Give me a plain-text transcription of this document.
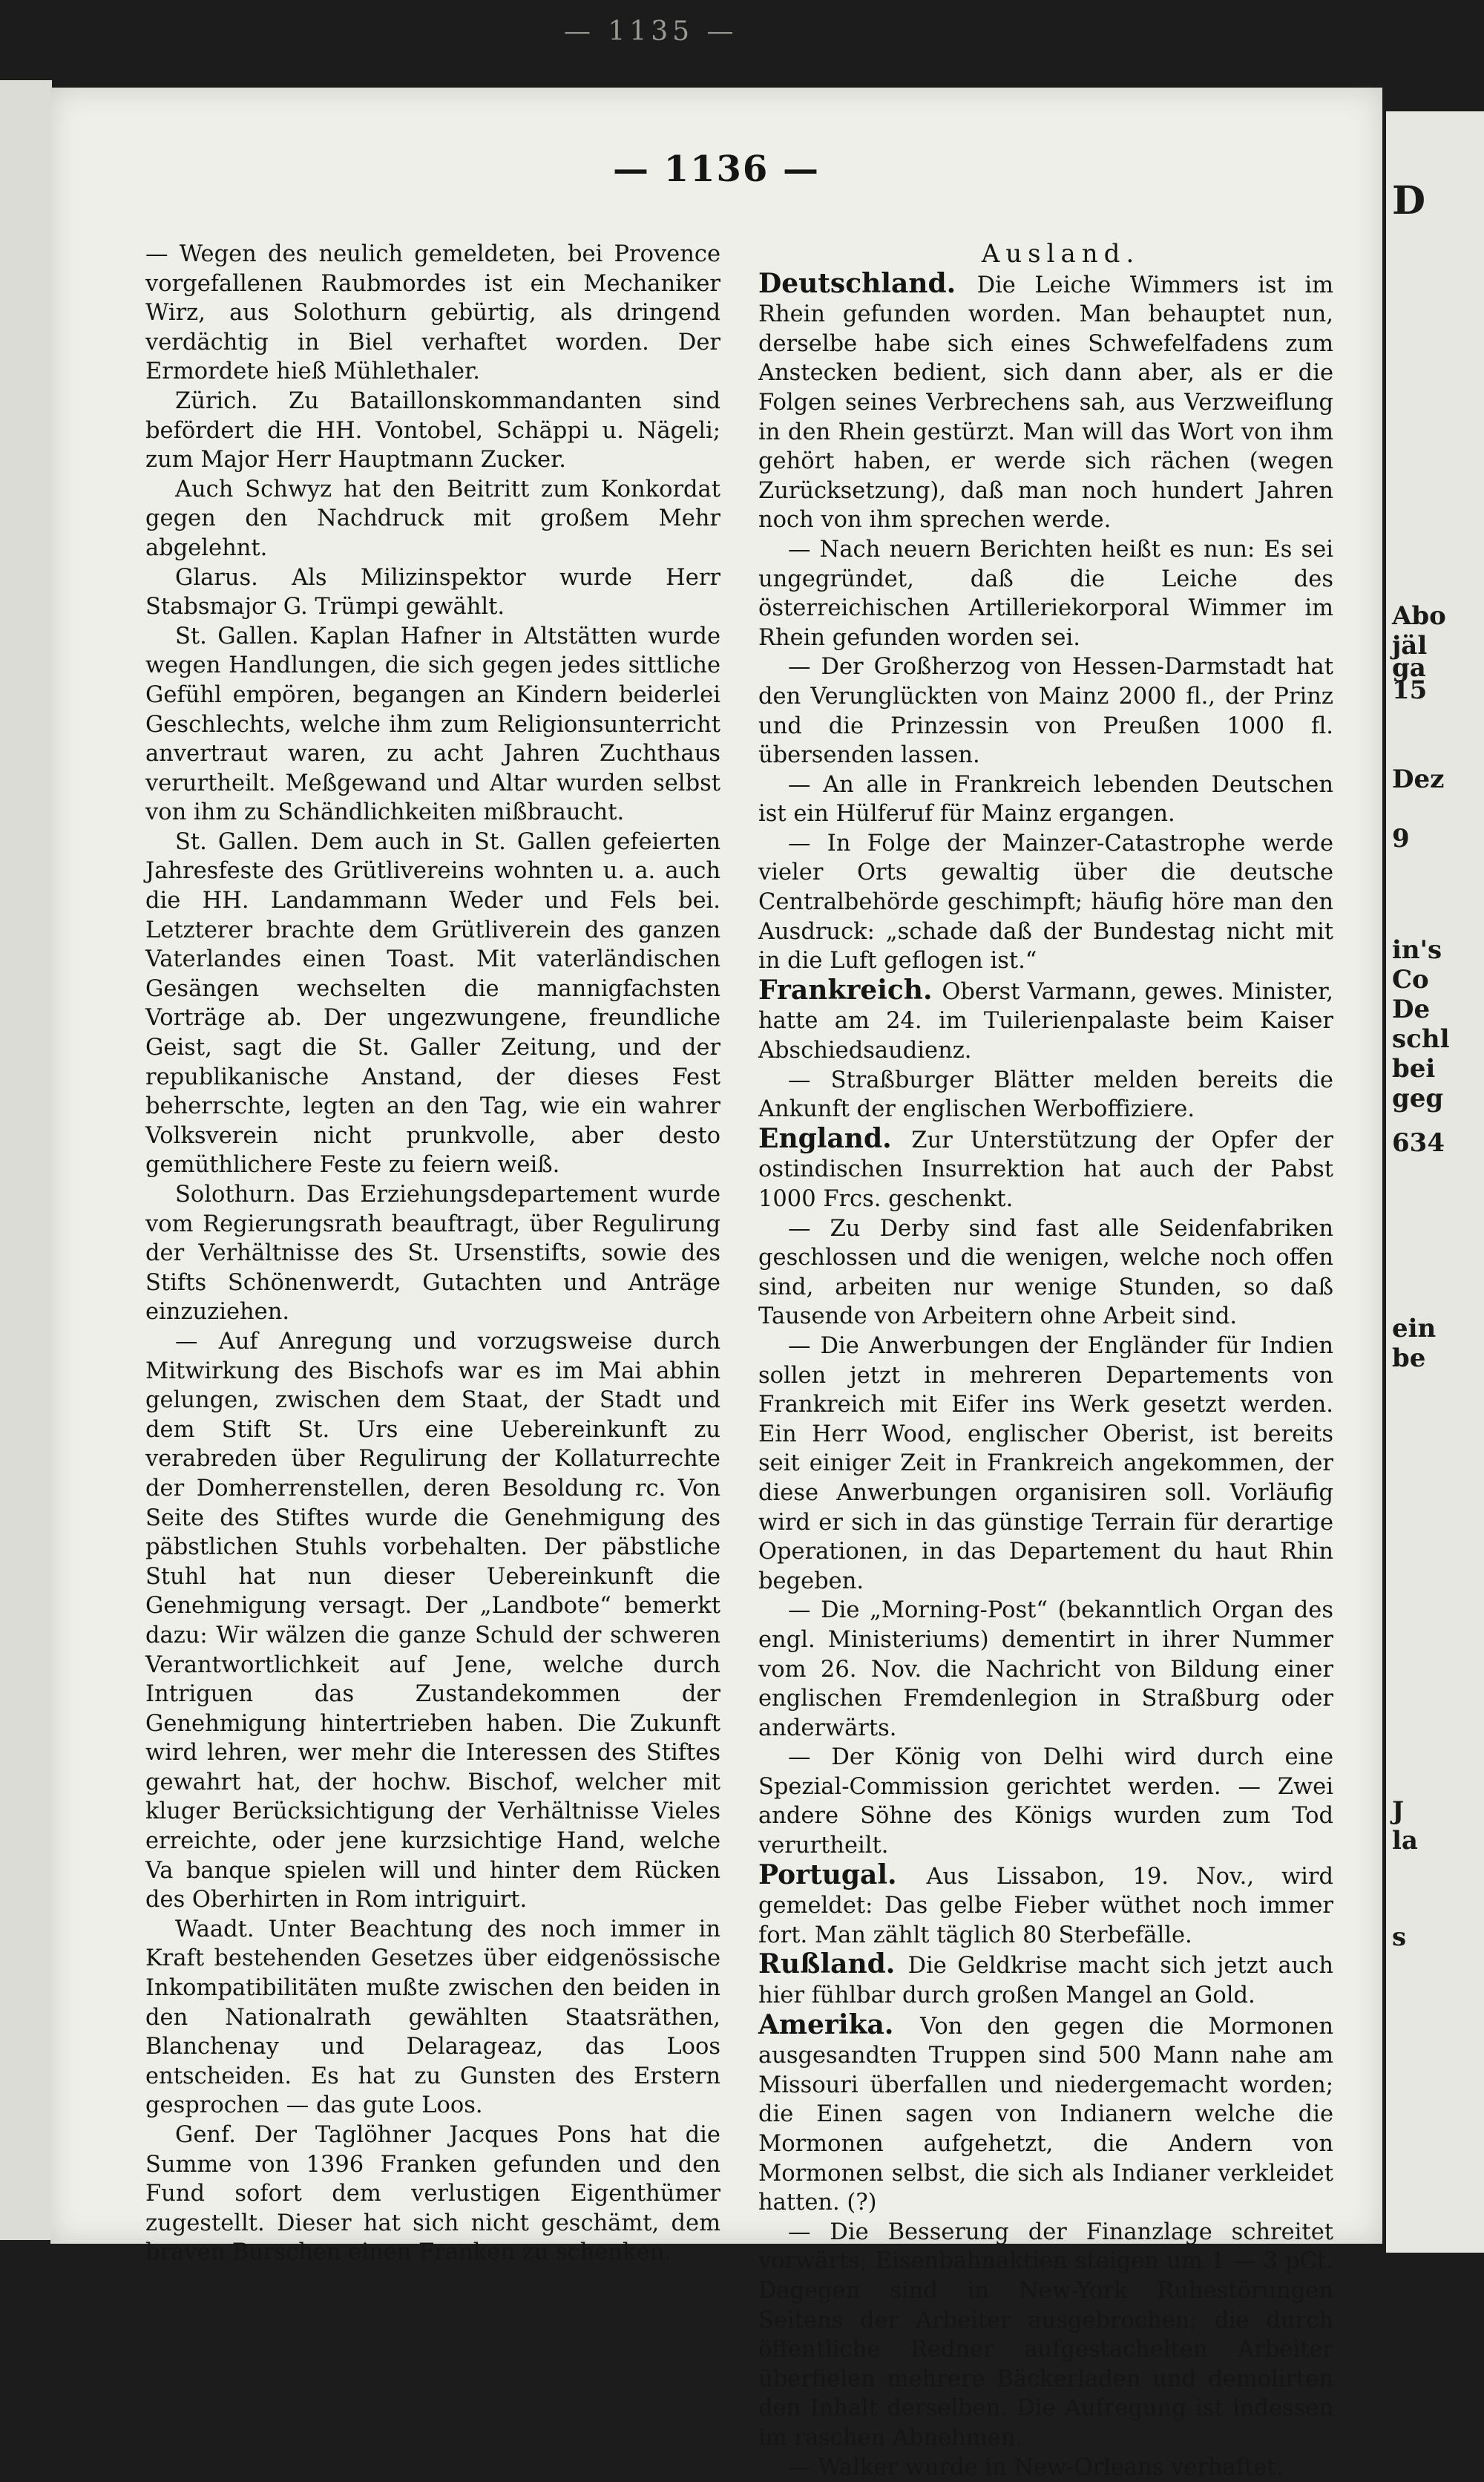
— 1135 —
— 1136 —

— Wegen des neulich gemeldeten, bei Provence vorgefallenen Raubmordes ist ein Mechaniker Wirz, aus Solothurn gebürtig, als dringend verdächtig in Biel verhaftet worden. Der Ermordete hieß Mühlethaler.

Zürich. Zu Bataillonskommandanten sind befördert die HH. Vontobel, Schäppi u. Nägeli; zum Major Herr Hauptmann Zucker.

Auch Schwyz hat den Beitritt zum Konkordat gegen den Nachdruck mit großem Mehr abgelehnt.

Glarus. Als Milizinspektor wurde Herr Stabsmajor G. Trümpi gewählt.

St. Gallen. Kaplan Hafner in Altstätten wurde wegen Handlungen, die sich gegen jedes sittliche Gefühl empören, begangen an Kindern beiderlei Geschlechts, welche ihm zum Religionsunterricht anvertraut waren, zu acht Jahren Zuchthaus verurtheilt. Meßgewand und Altar wurden selbst von ihm zu Schändlichkeiten mißbraucht.

St. Gallen. Dem auch in St. Gallen gefeierten Jahresfeste des Grütlivereins wohnten u. a. auch die HH. Landammann Weder und Fels bei. Letzterer brachte dem Grütliverein des ganzen Vaterlandes einen Toast. Mit vaterländischen Gesängen wechselten die mannigfachsten Vorträge ab. Der ungezwungene, freundliche Geist, sagt die St. Galler Zeitung, und der republikanische Anstand, der dieses Fest beherrschte, legten an den Tag, wie ein wahrer Volksverein nicht prunkvolle, aber desto gemüthlichere Feste zu feiern weiß.

Solothurn. Das Erziehungsdepartement wurde vom Regierungsrath beauftragt, über Regulirung der Verhältnisse des St. Ursenstifts, sowie des Stifts Schönenwerdt, Gutachten und Anträge einzuziehen.

— Auf Anregung und vorzugsweise durch Mitwirkung des Bischofs war es im Mai abhin gelungen, zwischen dem Staat, der Stadt und dem Stift St. Urs eine Uebereinkunft zu verabreden über Regulirung der Kollaturrechte der Domherrenstellen, deren Besoldung rc. Von Seite des Stiftes wurde die Genehmigung des päbstlichen Stuhls vorbehalten. Der päbstliche Stuhl hat nun dieser Uebereinkunft die Genehmigung versagt. Der „Landbote“ bemerkt dazu: Wir wälzen die ganze Schuld der schweren Verantwortlichkeit auf Jene, welche durch Intriguen das Zustandekommen der Genehmigung hintertrieben haben. Die Zukunft wird lehren, wer mehr die Interessen des Stiftes gewahrt hat, der hochw. Bischof, welcher mit kluger Berücksichtigung der Verhältnisse Vieles erreichte, oder jene kurzsichtige Hand, welche Va banque spielen will und hinter dem Rücken des Oberhirten in Rom intriguirt.

Waadt. Unter Beachtung des noch immer in Kraft bestehenden Gesetzes über eidgenössische Inkompatibilitäten mußte zwischen den beiden in den Nationalrath gewählten Staatsräthen, Blanchenay und Delarageaz, das Loos entscheiden. Es hat zu Gunsten des Erstern gesprochen — das gute Loos.

Genf. Der Taglöhner Jacques Pons hat die Summe von 1396 Franken gefunden und den Fund sofort dem verlustigen Eigenthümer zugestellt. Dieser hat sich nicht geschämt, dem braven Burschen einen Franken zu schenken.

Ausland.

Deutschland. Die Leiche Wimmers ist im Rhein gefunden worden. Man behauptet nun, derselbe habe sich eines Schwefelfadens zum Anstecken bedient, sich dann aber, als er die Folgen seines Verbrechens sah, aus Verzweiflung in den Rhein gestürzt. Man will das Wort von ihm gehört haben, er werde sich rächen (wegen Zurücksetzung), daß man noch hundert Jahren noch von ihm sprechen werde.

— Nach neuern Berichten heißt es nun: Es sei ungegründet, daß die Leiche des österreichischen Artilleriekorporal Wimmer im Rhein gefunden worden sei.

— Der Großherzog von Hessen-Darmstadt hat den Verunglückten von Mainz 2000 fl., der Prinz und die Prinzessin von Preußen 1000 fl. übersenden lassen.

— An alle in Frankreich lebenden Deutschen ist ein Hülferuf für Mainz ergangen.

— In Folge der Mainzer-Catastrophe werde vieler Orts gewaltig über die deutsche Centralbehörde geschimpft; häufig höre man den Ausdruck: „schade daß der Bundestag nicht mit in die Luft geflogen ist.“

Frankreich. Oberst Varmann, gewes. Minister, hatte am 24. im Tuilerienpalaste beim Kaiser Abschiedsaudienz.

— Straßburger Blätter melden bereits die Ankunft der englischen Werboffiziere.

England. Zur Unterstützung der Opfer der ostindischen Insurrektion hat auch der Pabst 1000 Frcs. geschenkt.

— Zu Derby sind fast alle Seidenfabriken geschlossen und die wenigen, welche noch offen sind, arbeiten nur wenige Stunden, so daß Tausende von Arbeitern ohne Arbeit sind.

— Die Anwerbungen der Engländer für Indien sollen jetzt in mehreren Departements von Frankreich mit Eifer ins Werk gesetzt werden. Ein Herr Wood, englischer Oberist, ist bereits seit einiger Zeit in Frankreich angekommen, der diese Anwerbungen organisiren soll. Vorläufig wird er sich in das günstige Terrain für derartige Operationen, in das Departement du haut Rhin begeben.

— Die „Morning-Post“ (bekanntlich Organ des engl. Ministeriums) dementirt in ihrer Nummer vom 26. Nov. die Nachricht von Bildung einer englischen Fremdenlegion in Straßburg oder anderwärts.

— Der König von Delhi wird durch eine Spezial-Commission gerichtet werden. — Zwei andere Söhne des Königs wurden zum Tod verurtheilt.

Portugal. Aus Lissabon, 19. Nov., wird gemeldet: Das gelbe Fieber wüthet noch immer fort. Man zählt täglich 80 Sterbefälle.

Rußland. Die Geldkrise macht sich jetzt auch hier fühlbar durch großen Mangel an Gold.

Amerika. Von den gegen die Mormonen ausgesandten Truppen sind 500 Mann nahe am Missouri überfallen und niedergemacht worden; die Einen sagen von Indianern welche die Mormonen aufgehetzt, die Andern von Mormonen selbst, die sich als Indianer verkleidet hatten. (?)

— Die Besserung der Finanzlage schreitet vorwärts; Eisenbahnaktien steigen um 1 — 3 pCt. Dagegen sind in New-York Ruhestörungen Seitens der Arbeiter ausgebrochen; die durch öffentliche Redner aufgestachelten Arbeiter überfielen mehrere Bäckerladen und demolirten den Inhalt derselben. Die Aufregung ist indessen im raschen Abnehmen.

— Walker wurde in New-Orleans verhaftet.

D
Abo
jäl
ga
15
Dez
9
in's
Co
De
schl
bei
geg
634
ein
be
J
la
s
